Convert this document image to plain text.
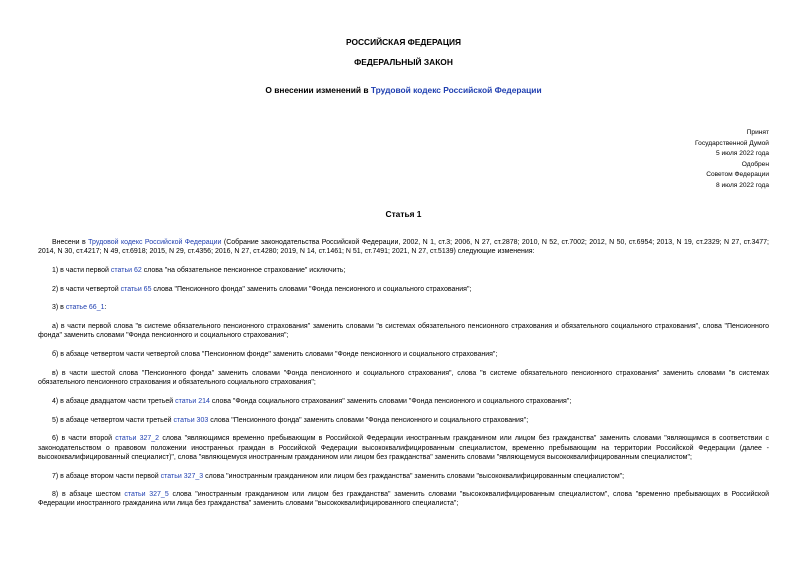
РОССИЙСКАЯ ФЕДЕРАЦИЯ
ФЕДЕРАЛЬНЫЙ ЗАКОН
О внесении изменений в Трудовой кодекс Российской Федерации
Принят
Государственной Думой
5 июля 2022 года
Одобрен
Советом Федерации
8 июля 2022 года
Статья 1

Внесени в Трудовой кодекс Российской Федерации (Собрание законодательства Российской Федерации, 2002, N 1, ст.3; 2006, N 27, ст.2878; 2010, N 52, ст.7002; 2012, N 50, ст.6954; 2013, N 19, ст.2329; N 27, ст.3477; 2014, N 30, ст.4217; N 49, ст.6918; 2015, N 29, ст.4356; 2016, N 27, ст.4280; 2019, N 14, ст.1461; N 51, ст.7491; 2021, N 27, ст.5139) следующие изменения:

1) в части первой статьи 62 слова "на обязательное пенсионное страхование" исключить;

2) в части четвертой статьи 65 слова "Пенсионного фонда" заменить словами "Фонда пенсионного и социального страхования";

3) в статье 66_1:

а) в части первой слова "в системе обязательного пенсионного страхования" заменить словами "в системах обязательного пенсионного страхования и обязательного социального страхования", слова "Пенсионного фонда" заменить словами "Фонда пенсионного и социального страхования";

б) в абзаце четвертом части четвертой слова "Пенсионном фонде" заменить словами "Фонде пенсионного и социального страхования";

в) в части шестой слова "Пенсионного фонда" заменить словами "Фонда пенсионного и социального страхования", слова "в системе обязательного пенсионного страхования" заменить словами "в системах обязательного пенсионного страхования и обязательного социального страхования";

4) в абзаце двадцатом части третьей статьи 214 слова "Фонда социального страхования" заменить словами "Фонда пенсионного и социального страхования";

5) в абзаце четвертом части третьей статьи 303 слова "Пенсионного фонда" заменить словами "Фонда пенсионного и социального страхования";

6) в части второй статьи 327_2 слова "являющимся временно пребывающим в Российской Федерации иностранным гражданином или лицом без гражданства" заменить словами "являющимся в соответствии с законодательством о правовом положении иностранных граждан в Российской Федерации высококвалифицированным специалистом, временно пребывающим на территории Российской Федерации (далее - высококвалифицированный специалист)", слова "являющемуся иностранным гражданином или лицом без гражданства" заменить словами "являющемуся высококвалифицированным специалистом";

7) в абзаце втором части первой статьи 327_3 слова "иностранным гражданином или лицом без гражданства" заменить словами "высококвалифицированным специалистом";

8) в абзаце шестом статьи 327_5 слова "иностранным гражданином или лицом без гражданства" заменить словами "высококвалифицированным специалистом", слова "временно пребывающих в Российской Федерации иностранного гражданина или лица без гражданства" заменить словами "высококвалифицированного специалиста";
